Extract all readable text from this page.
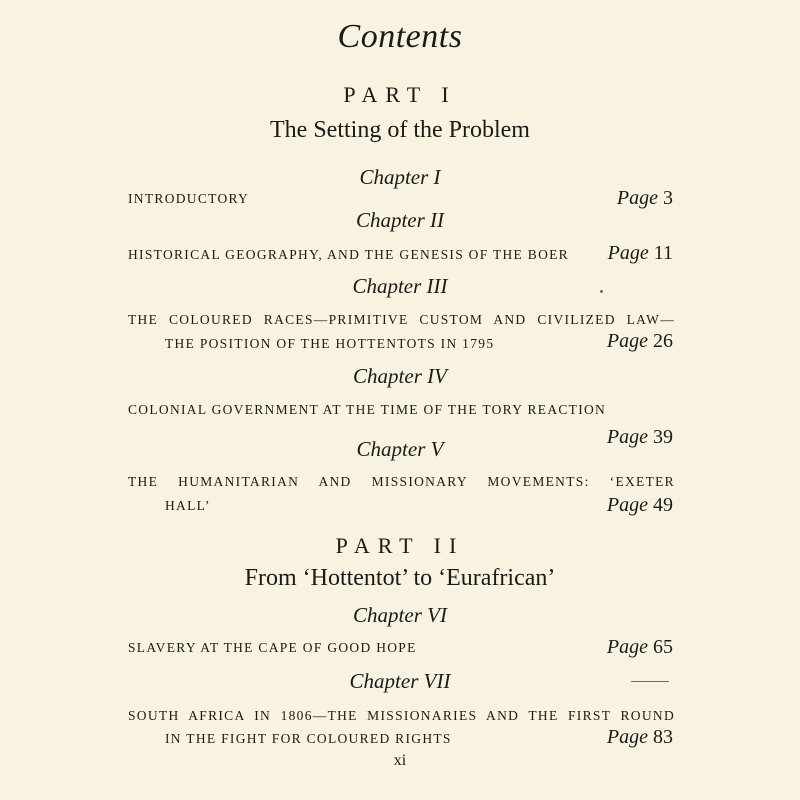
Contents
PART I
The Setting of the Problem
Chapter I
INTRODUCTORY	Page 3
Chapter II
HISTORICAL GEOGRAPHY, AND THE GENESIS OF THE BOER Page 11
Chapter III
THE COLOURED RACES—PRIMITIVE CUSTOM AND CIVILIZED LAW—
THE POSITION OF THE HOTTENTOTS IN 1795	Page 26
Chapter IV
COLONIAL GOVERNMENT AT THE TIME OF THE TORY REACTION
Page 39
Chapter V
THE HUMANITARIAN AND MISSIONARY MOVEMENTS: ‘EXETER
HALL’	Page 49
PART II
From ‘Hottentot’ to ‘Eurafrican’
Chapter VI
SLAVERY AT THE CAPE OF GOOD HOPE	Page 65
Chapter VII
SOUTH AFRICA IN 1806—THE MISSIONARIES AND THE FIRST ROUND
IN THE FIGHT FOR COLOURED RIGHTS	Page 83
xi
